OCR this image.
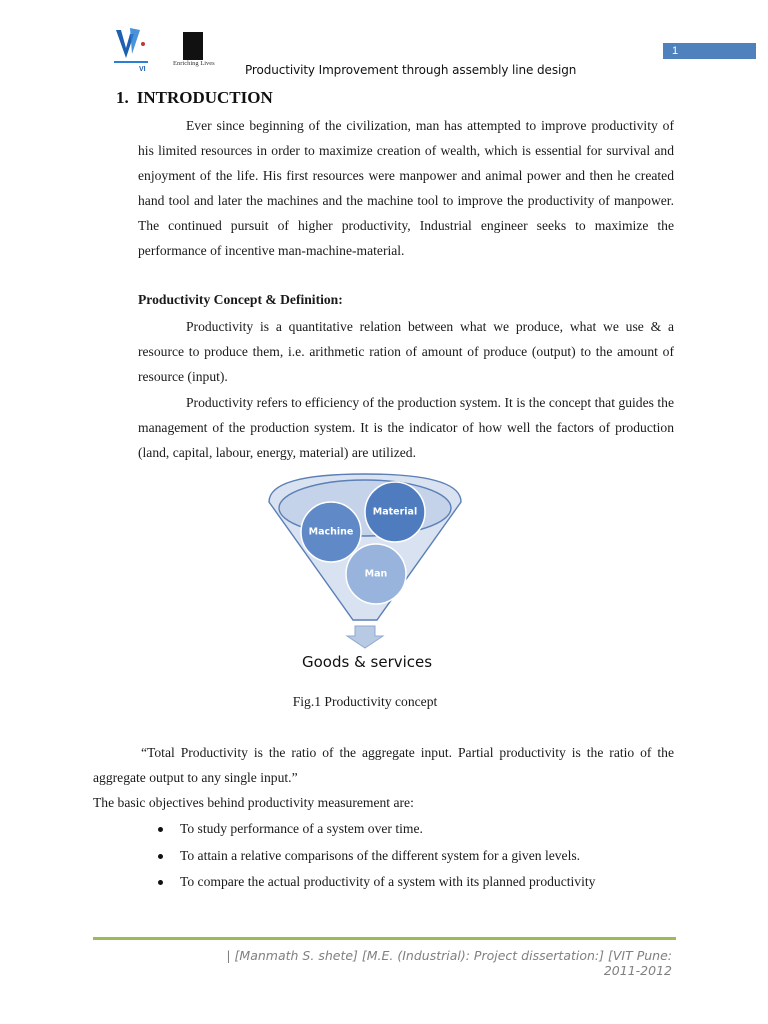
VI
Enriching Lives
1
Productivity Improvement through assembly line design
1. INTRODUCTION
Ever since beginning of the civilization, man has attempted to improve productivity of his limited resources in order to maximize creation of wealth, which is essential for survival and enjoyment of the life. His first resources were manpower and animal power and then he created hand tool and later the machines and the machine tool to improve the productivity of manpower. The continued pursuit of higher productivity, Industrial engineer seeks to maximize the performance of incentive man-machine-material.
Productivity Concept & Definition:
Productivity is a quantitative relation between what we produce, what we use & a resource to produce them, i.e. arithmetic ration of amount of produce (output) to the amount of resource (input).
Productivity refers to efficiency of the production system. It is the concept that guides the management of the production system. It is the indicator of how well the factors of production (land, capital, labour, energy, material) are utilized.
Machine
Material
Man
Goods & services
Fig.1 Productivity concept
“Total Productivity is the ratio of the aggregate input. Partial productivity is the ratio of the aggregate output to any single input.”
The basic objectives behind productivity measurement are:
To study performance of a system over time.
To attain a relative comparisons of the different system for a given levels.
To compare the actual productivity of a system with its planned productivity
| [Manmath S. shete] [M.E. (Industrial): Project dissertation:] [VIT Pune: 2011-2012
